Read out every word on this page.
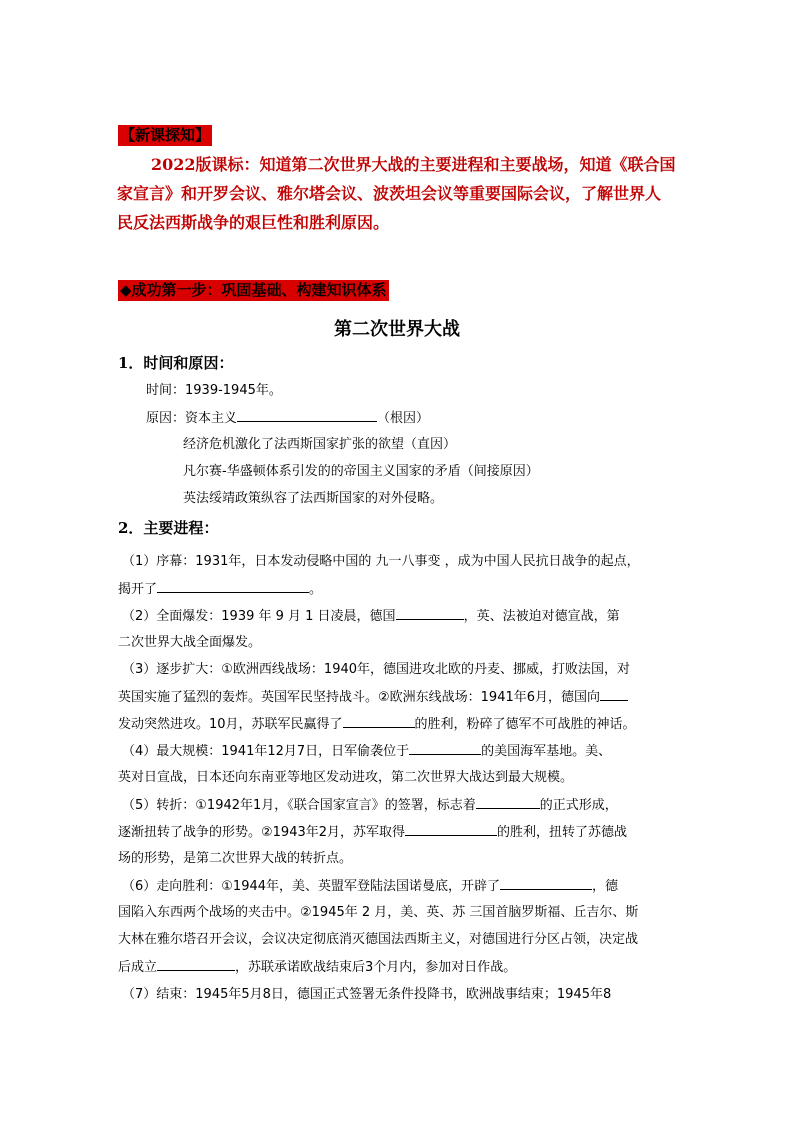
【新课探知】
2022版课标：知道第二次世界大战的主要进程和主要战场，知道《联合国
家宣言》和开罗会议、雅尔塔会议、波茨坦会议等重要国际会议，了解世界人
民反法西斯战争的艰巨性和胜利原因。
◆成功第一步：巩固基础、构建知识体系
第二次世界大战
1．时间和原因：
时间：1939-1945年。
原因：资本主义	（根因）
经济危机激化了法西斯国家扩张的欲望（直因）
凡尔赛-华盛顿体系引发的的帝国主义国家的矛盾（间接原因）
英法绥靖政策纵容了法西斯国家的对外侵略。
2．主要进程：
（1）序幕：1931年，日本发动侵略中国的 九一八事变 ，成为中国人民抗日战争的起点，
揭开了	。
（2）全面爆发：1939 年 9 月 1 日凌晨，德国	，英、法被迫对德宣战，第
二次世界大战全面爆发。
（3）逐步扩大：①欧洲西线战场：1940年，德国进攻北欧的丹麦、挪威，打败法国，对
英国实施了猛烈的轰炸。英国军民坚持战斗。②欧洲东线战场：1941年6月，德国向
发动突然进攻。10月，苏联军民赢得了	的胜利，粉碎了德军不可战胜的神话。
（4）最大规模：1941年12月7日，日军偷袭位于	的美国海军基地。美、
英对日宣战，日本还向东南亚等地区发动进攻，第二次世界大战达到最大规模。
（5）转折：①1942年1月，《联合国家宣言》的签署，标志着	的正式形成，
逐渐扭转了战争的形势。②1943年2月，苏军取得	的胜利，扭转了苏德战
场的形势，是第二次世界大战的转折点。
（6）走向胜利：①1944年，美、英盟军登陆法国诺曼底，开辟了	，德
国陷入东西两个战场的夹击中。②1945年 2 月，美、英、苏 三国首脑罗斯福、丘吉尔、斯
大林在雅尔塔召开会议，会议决定彻底消灭德国法西斯主义，对德国进行分区占领，决定战
后成立	，苏联承诺欧战结束后3个月内，参加对日作战。
（7）结束：1945年5月8日，德国正式签署无条件投降书，欧洲战事结束；1945年8
